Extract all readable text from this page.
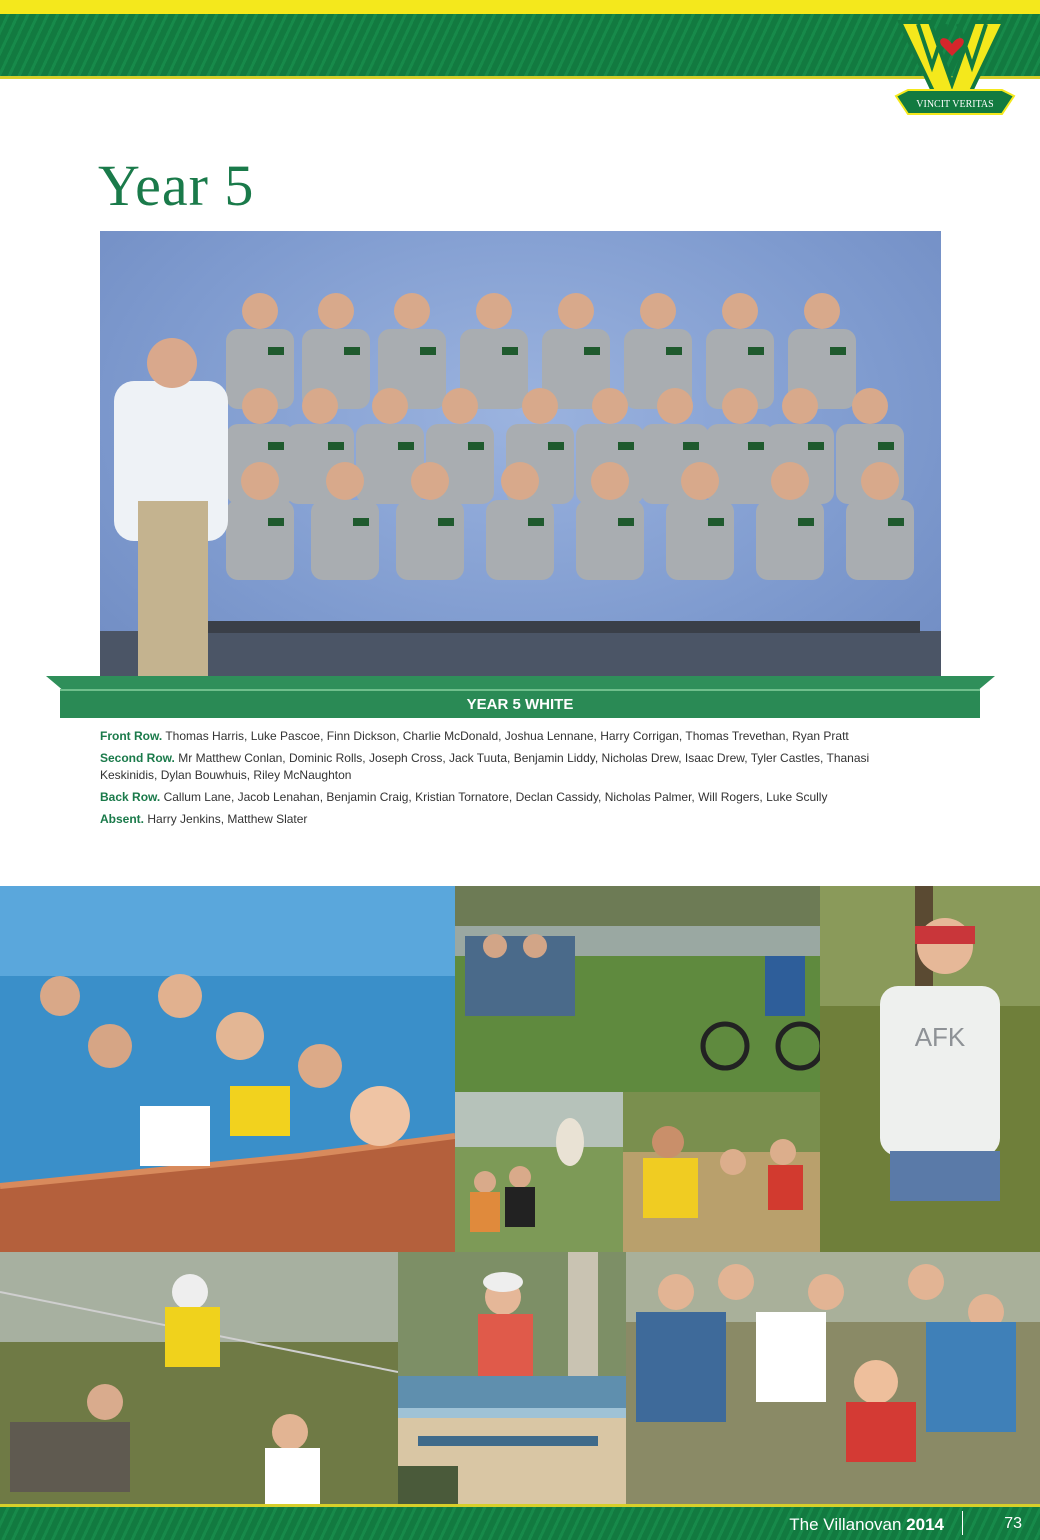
VINCIT VERITAS
Year 5
YEAR 5 WHITE

Front Row. Thomas Harris, Luke Pascoe, Finn Dickson, Charlie McDonald, Joshua Lennane, Harry Corrigan, Thomas Trevethan, Ryan Pratt

Second Row. Mr Matthew Conlan, Dominic Rolls, Joseph Cross, Jack Tuuta, Benjamin Liddy, Nicholas Drew, Isaac Drew, Tyler Castles, Thanasi Keskinidis, Dylan Bouwhuis, Riley McNaughton

Back Row. Callum Lane, Jacob Lenahan, Benjamin Craig, Kristian Tornatore, Declan Cassidy, Nicholas Palmer, Will Rogers, Luke Scully

Absent. Harry Jenkins, Matthew Slater

AFK
The Villanovan 2014	73
